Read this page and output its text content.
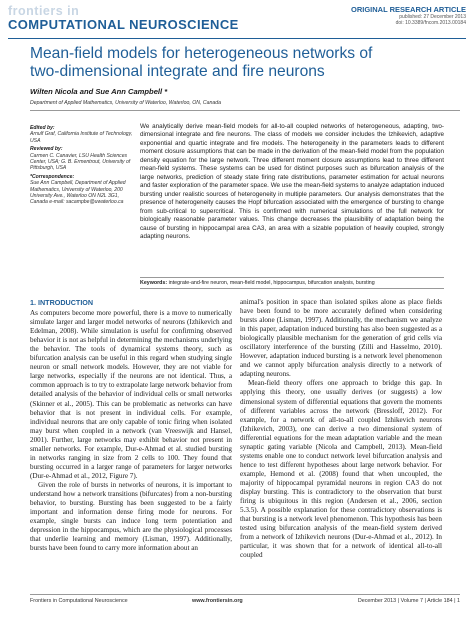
frontiers in
COMPUTATIONAL NEUROSCIENCE
ORIGINAL RESEARCH ARTICLE
published: 27 December 2013
doi: 10.3389/fncom.2013.00184
Mean-field models for heterogeneous networks of
two-dimensional integrate and fire neurons
Wilten Nicola and Sue Ann Campbell *
Department of Applied Mathematics, University of Waterloo, Waterloo, ON, Canada
Edited by:
Arnulf Graf, California Institute of Technology, USA
Reviewed by:
Carmen C. Canavier, LSU Health Sciences Center, USA; G. B. Ermentrout, University of Pittsburgh, USA
*Correspondence:
Sue Ann Campbell, Department of Applied Mathematics, University of Waterloo, 200 University Ave., Waterloo ON N2L 3G1, Canada e-mail: sacampbe@uwaterloo.ca
We analytically derive mean-field models for all-to-all coupled networks of heterogeneous, adapting, two-dimensional integrate and fire neurons. The class of models we consider includes the Izhikevich, adaptive exponential and quartic integrate and fire models. The heterogeneity in the parameters leads to different moment closure assumptions that can be made in the derivation of the mean-field model from the population density equation for the large network. Three different moment closure assumptions lead to three different mean-field systems. These systems can be used for distinct purposes such as bifurcation analysis of the large networks, prediction of steady state firing rate distributions, parameter estimation for actual neurons and faster exploration of the parameter space. We use the mean-field systems to analyze adaptation induced bursting under realistic sources of heterogeneity in multiple parameters. Our analysis demonstrates that the presence of heterogeneity causes the Hopf bifurcation associated with the emergence of bursting to change from sub-critical to supercritical. This is confirmed with numerical simulations of the full network for biologically reasonable parameter values. This change decreases the plausibility of adaptation being the cause of bursting in hippocampal area CA3, an area with a sizable population of heavily coupled, strongly adapting neurons.
Keywords: integrate-and-fire neuron, mean-field model, hippocampus, bifurcation analysis, bursting
1. INTRODUCTION

As computers become more powerful, there is a move to numerically simulate larger and larger model networks of neurons (Izhikevich and Edelman, 2008). While simulation is useful for confirming observed behavior it is not as helpful in determining the mechanisms underlying the behavior. The tools of dynamical systems theory, such as bifurcation analysis can be useful in this regard when studying single neuron or small network models. However, they are not viable for large networks, especially if the neurons are not identical. Thus, a common approach is to try to extrapolate large network behavior from detailed analysis of the behavior of individual cells or small networks (Skinner et al., 2005). This can be problematic as networks can have behavior that is not present in individual cells. For example, individual neurons that are only capable of tonic firing when isolated may burst when coupled in a network (van Vreeswijk and Hansel, 2001). Further, large networks may exhibit behavior not present in smaller networks. For example, Dur-e-Ahmad et al. studied bursting in networks ranging in size from 2 cells to 100. They found that bursting occurred in a larger range of parameters for larger networks (Dur-e-Ahmad et al., 2012, Figure 7).

Given the role of bursts in networks of neurons, it is important to understand how a network transitions (bifurcates) from a non-bursting behavior, to bursting. Bursting has been suggested to be a fairly important and information dense firing mode for neurons. For example, single bursts can induce long term potentiation and depression in the hippocampus, which are the physiological processes that underlie learning and memory (Lisman, 1997). Additionally, bursts have been found to carry more information about an

animal's position in space than isolated spikes alone as place fields have been found to be more accurately defined when considering bursts alone (Lisman, 1997). Additionally, the mechanism we analyze in this paper, adaptation induced bursting has also been suggested as a biologically plausible mechanism for the generation of grid cells via oscillatory interference of the bursting (Zilli and Hasselmo, 2010). However, adaptation induced bursting is a network level phenomenon and we cannot apply bifurcation analysis directly to a network of adapting neurons.

Mean-field theory offers one approach to bridge this gap. In applying this theory, one usually derives (or suggests) a low dimensional system of differential equations that govern the moments of different variables across the network (Bressloff, 2012). For example, for a network of all-to-all coupled Izhikevich neurons (Izhikevich, 2003), one can derive a two dimensional system of differential equations for the mean adaptation variable and the mean synaptic gating variable (Nicola and Campbell, 2013). Mean-field systems enable one to conduct network level bifurcation analysis and hence to test different hypotheses about large network behavior. For example, Hemond et al. (2008) found that when uncoupled, the majority of hippocampal pyramidal neurons in region CA3 do not display bursting. This is contradictory to the observation that burst firing is ubiquitous in this region (Andersen et al., 2006, section 5.3.5). A possible explanation for these contradictory observations is that bursting is a network level phenomenon. This hypothesis has been tested using bifurcation analysis of the mean-field system derived from a network of Izhikevich neurons (Dur-e-Ahmad et al., 2012). In particular, it was shown that for a network of identical all-to-all coupled

Frontiers in Computational Neuroscience	www.frontiersin.org	December 2013 | Volume 7 | Article 184 | 1
